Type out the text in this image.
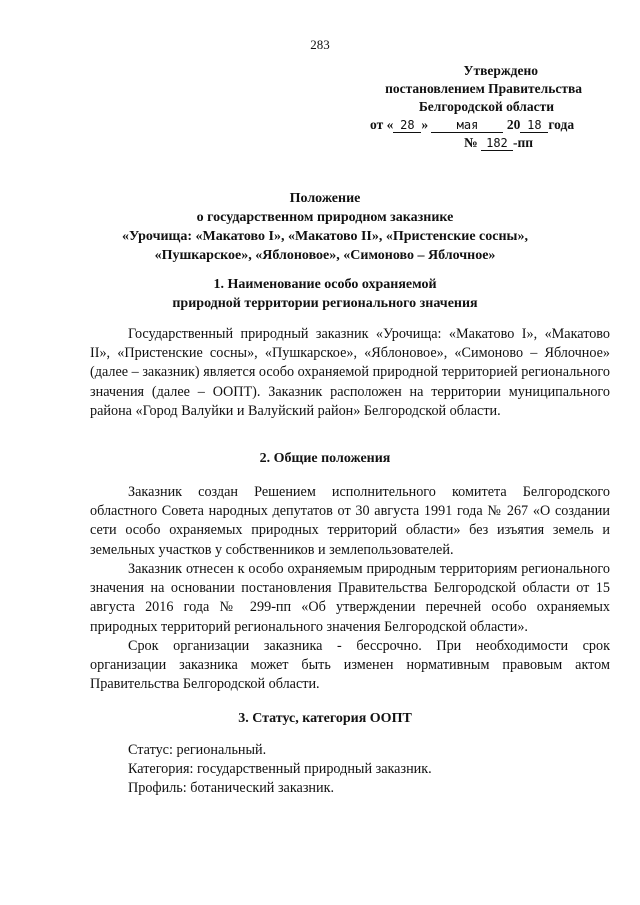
283
Утверждено
постановлением Правительства
Белгородской области
от « 28 » мая 20 18 года
№ 182 -пп
Положение
о государственном природном заказнике
«Урочища: «Макатово I», «Макатово II», «Пристенские сосны»,
«Пушкарское», «Яблоновое», «Симоново – Яблочное»
1. Наименование особо охраняемой
природной территории регионального значения
Государственный природный заказник «Урочища: «Макатово I», «Макатово II», «Пристенские сосны», «Пушкарское», «Яблоновое», «Симоново – Яблочное» (далее – заказник) является особо охраняемой природной территорией регионального значения (далее – ООПТ). Заказник расположен на территории муниципального района «Город Валуйки и Валуйский район» Белгородской области.
2. Общие положения
Заказник создан Решением исполнительного комитета Белгородского областного Совета народных депутатов от 30 августа 1991 года № 267 «О создании сети особо охраняемых природных территорий области» без изъятия земель и земельных участков у собственников и землепользователей.
Заказник отнесен к особо охраняемым природным территориям регионального значения на основании постановления Правительства Белгородской области от 15 августа 2016 года № 299-пп «Об утверждении перечней особо охраняемых природных территорий регионального значения Белгородской области».
Срок организации заказника - бессрочно. При необходимости срок организации заказника может быть изменен нормативным правовым актом Правительства Белгородской области.
3. Статус, категория ООПТ
Статус: региональный.
Категория: государственный природный заказник.
Профиль: ботанический заказник.
